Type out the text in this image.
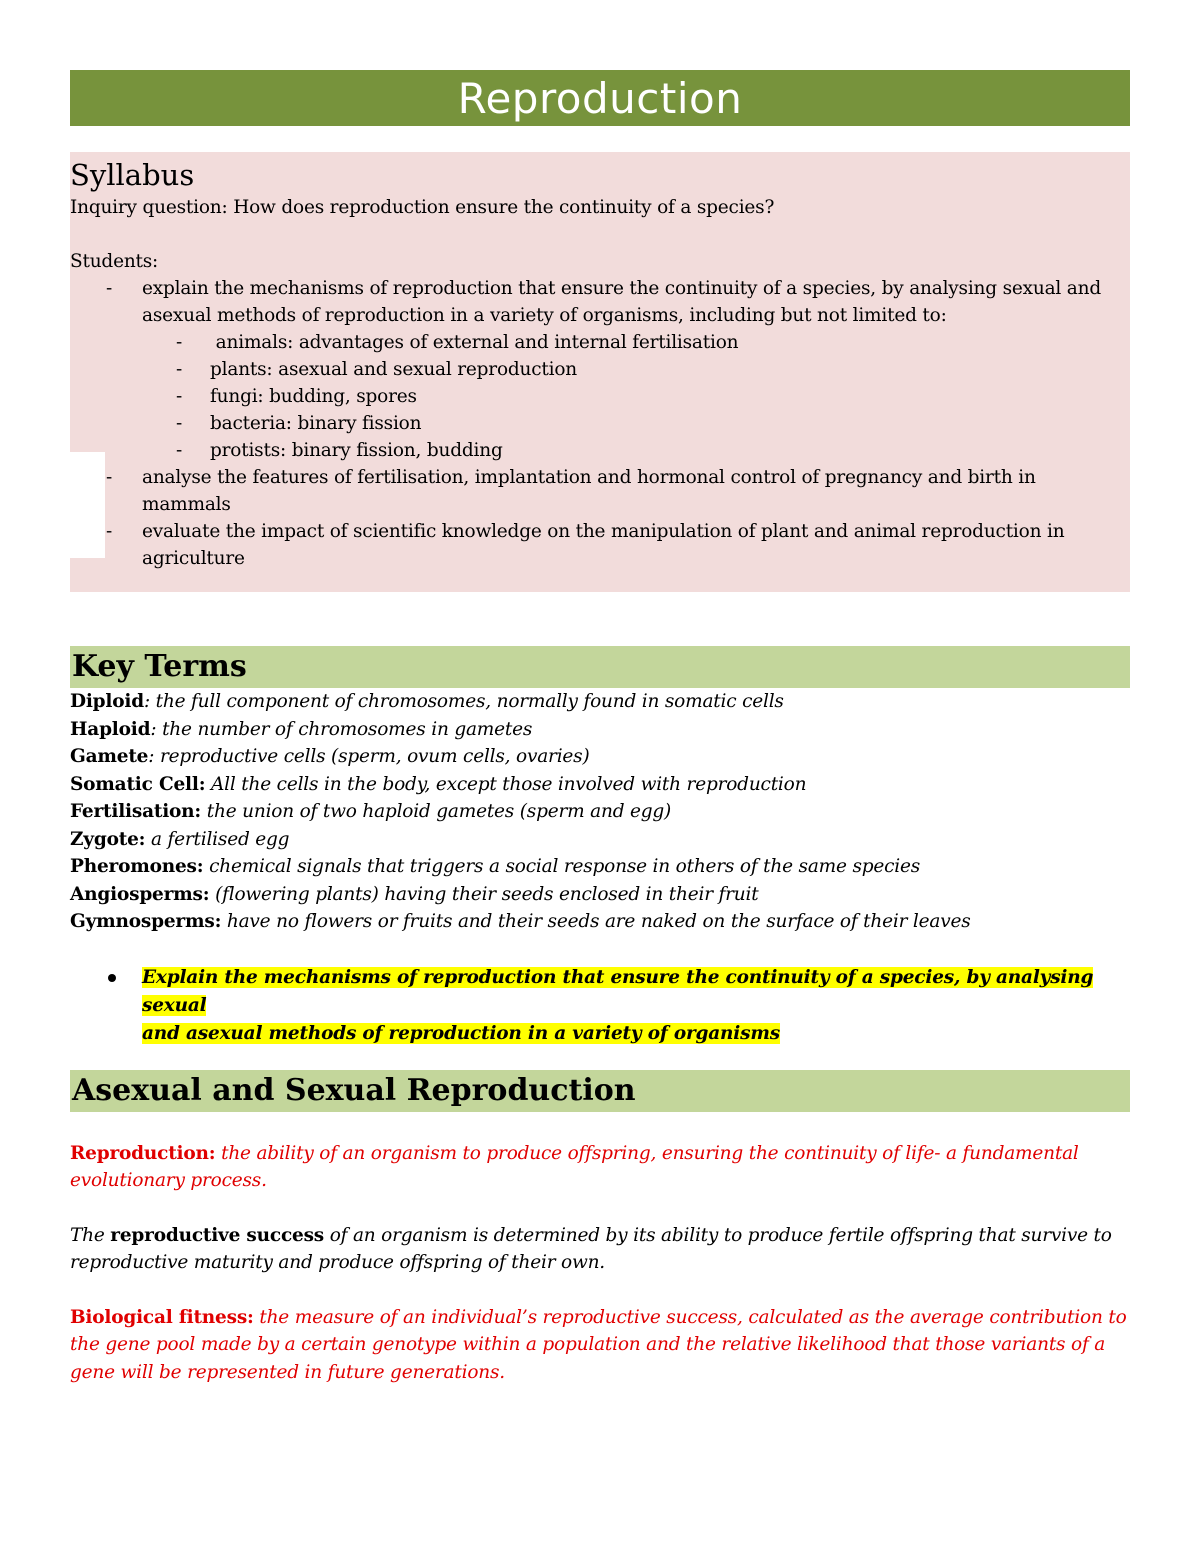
Reproduction
Syllabus

Inquiry question: How does reproduction ensure the continuity of a species?

Students:

- explain the mechanisms of reproduction that ensure the continuity of a species, by analysing sexual and asexual methods of reproduction in a variety of organisms, including but not limited to:
-  animals: advantages of external and internal fertilisation
- plants: asexual and sexual reproduction
- fungi: budding, spores
- bacteria: binary fission
- protists: binary fission, budding
- analyse the features of fertilisation, implantation and hormonal control of pregnancy and birth in mammals
- evaluate the impact of scientific knowledge on the manipulation of plant and animal reproduction in agriculture
Key Terms
Diploid: the full component of chromosomes, normally found in somatic cells
Haploid: the number of chromosomes in gametes
Gamete: reproductive cells (sperm, ovum cells, ovaries)
Somatic Cell: All the cells in the body, except those involved with reproduction
Fertilisation: the union of two haploid gametes (sperm and egg)
Zygote: a fertilised egg
Pheromones: chemical signals that triggers a social response in others of the same species
Angiosperms: (flowering plants) having their seeds enclosed in their fruit
Gymnosperms: have no flowers or fruits and their seeds are naked on the surface of their leaves

Explain the mechanisms of reproduction that ensure the continuity of a species, by analysing sexual

and asexual methods of reproduction in a variety of organisms

Asexual and Sexual Reproduction

Reproduction: the ability of an organism to produce offspring, ensuring the continuity of life- a fundamental evolutionary process.

The reproductive success of an organism is determined by its ability to produce fertile offspring that survive to reproductive maturity and produce offspring of their own.

Biological fitness: the measure of an individual’s reproductive success, calculated as the average contribution to the gene pool made by a certain genotype within a population and the relative likelihood that those variants of a gene will be represented in future generations.
